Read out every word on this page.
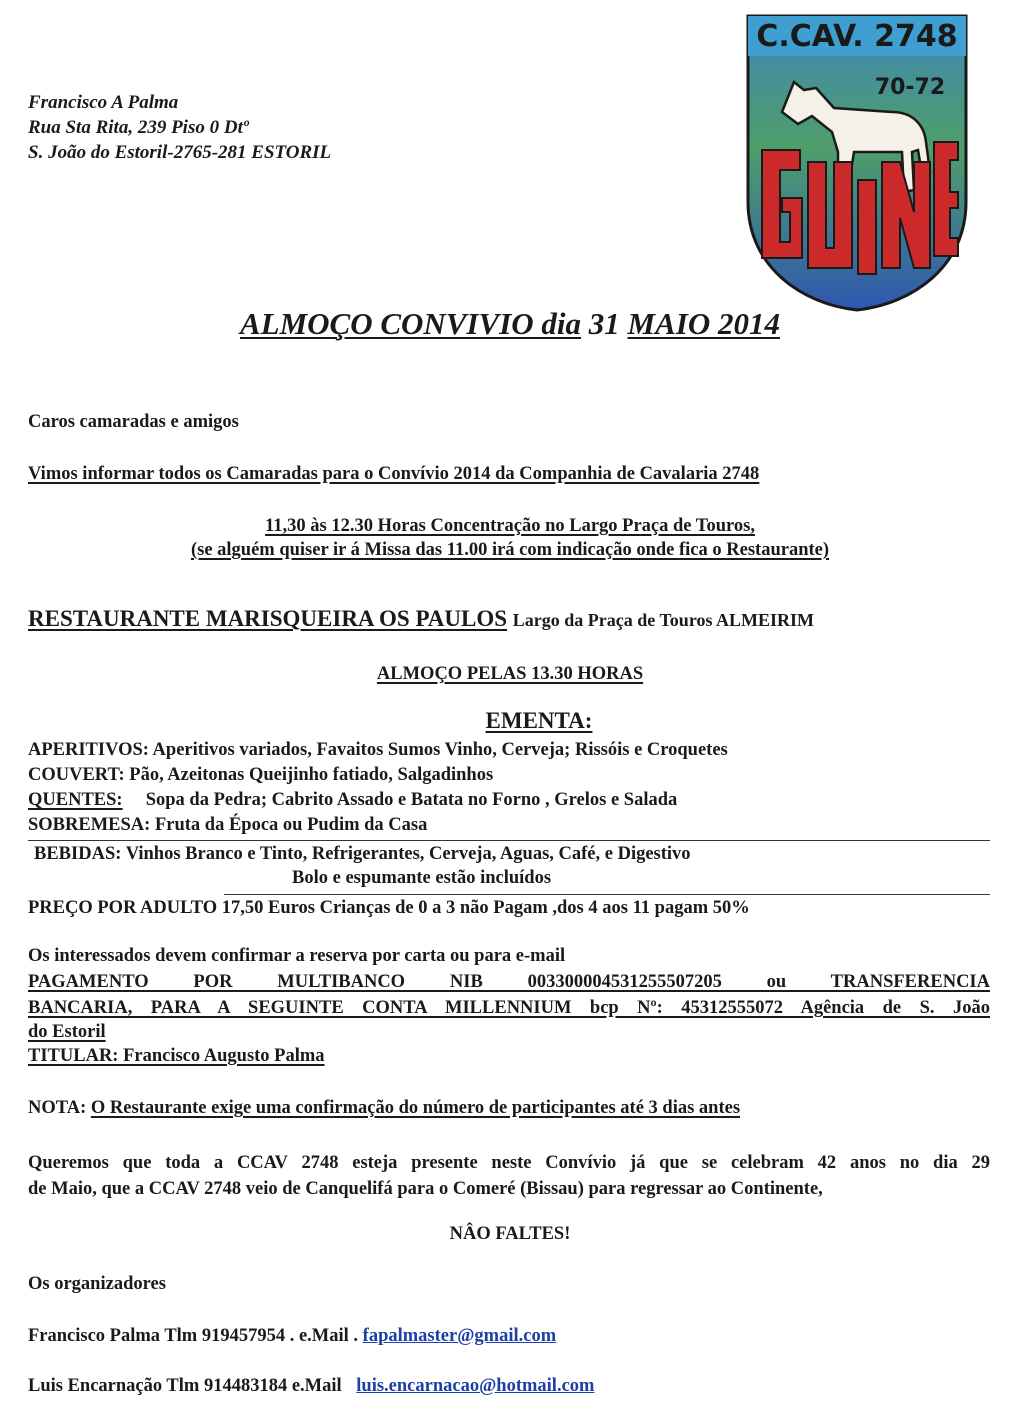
Francisco A Palma
Rua Sta Rita, 239 Piso 0 Dtº
S. João do Estoril-2765-281 ESTORIL
C.CAV. 2748
70-72
ALMOÇO CONVIVIO dia 31 MAIO 2014
Caros camaradas e amigos
Vimos informar todos os Camaradas para o Convívio 2014 da Companhia de Cavalaria 2748
11,30 às 12.30 Horas Concentração no Largo Praça de Touros,
(se alguém quiser ir á Missa das 11.00 irá com indicação onde fica o Restaurante)
RESTAURANTE MARISQUEIRA OS PAULOS Largo da Praça de Touros ALMEIRIM
ALMOÇO PELAS 13.30 HORAS
EMENTA:
APERITIVOS: Aperitivos variados, Favaitos Sumos Vinho, Cerveja; Rissóis e Croquetes
COUVERT: Pão, Azeitonas Queijinho fatiado, Salgadinhos
QUENTES: Sopa da Pedra; Cabrito Assado e Batata no Forno , Grelos e Salada
SOBREMESA: Fruta da Época ou Pudim da Casa
BEBIDAS: Vinhos Branco e Tinto, Refrigerantes, Cerveja, Aguas, Café, e Digestivo
Bolo e espumante estão incluídos
PREÇO POR ADULTO 17,50 Euros Crianças de 0 a 3 não Pagam ,dos 4 aos 11 pagam 50%
Os interessados devem confirmar a reserva por carta ou para e-mail
PAGAMENTO POR MULTIBANCO NIB 003300004531255507205 ou TRANSFERENCIA
BANCARIA, PARA A SEGUINTE CONTA MILLENNIUM bcp Nº: 45312555072 Agência de S. João
do Estoril
TITULAR: Francisco Augusto Palma
NOTA: O Restaurante exige uma confirmação do número de participantes até 3 dias antes
Queremos que toda a CCAV 2748 esteja presente neste Convívio já que se celebram 42 anos no dia 29
de Maio, que a CCAV 2748 veio de Canquelifá para o Comeré (Bissau) para regressar ao Continente,
NÂO FALTES!
Os organizadores
Francisco Palma Tlm 919457954 . e.Mail . fapalmaster@gmail.com
Luis Encarnação Tlm 914483184 e.Mail luis.encarnacao@hotmail.com
